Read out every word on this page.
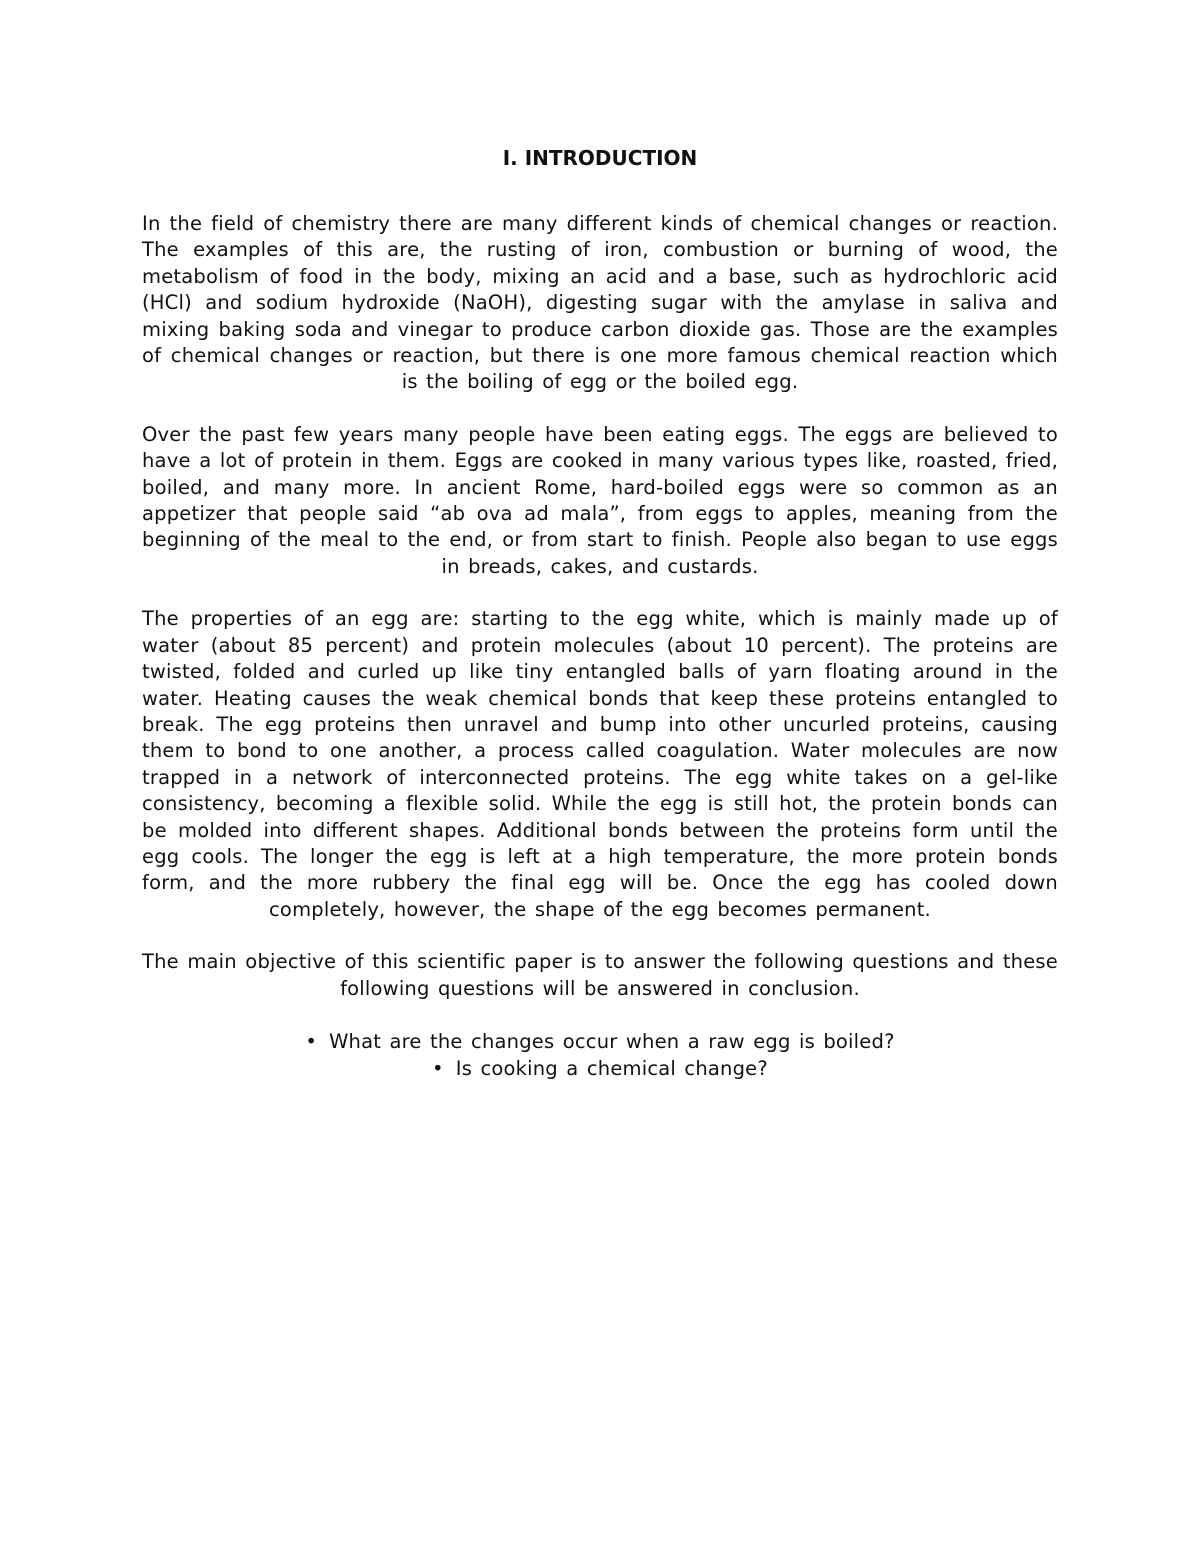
I. INTRODUCTION

In the field of chemistry there are many different kinds of chemical changes or reaction. The examples of this are, the rusting of iron, combustion or burning of wood, the metabolism of food in the body, mixing an acid and a base, such as hydrochloric acid (HCl) and sodium hydroxide (NaOH), digesting sugar with the amylase in saliva and mixing baking soda and vinegar to produce carbon dioxide gas. Those are the examples of chemical changes or reaction, but there is one more famous chemical reaction which is the boiling of egg or the boiled egg.

Over the past few years many people have been eating eggs. The eggs are believed to have a lot of protein in them. Eggs are cooked in many various types like, roasted, fried, boiled, and many more. In ancient Rome, hard-boiled eggs were so common as an appetizer that people said “ab ova ad mala”, from eggs to apples, meaning from the beginning of the meal to the end, or from start to finish. People also began to use eggs in breads, cakes, and custards.

The properties of an egg are: starting to the egg white, which is mainly made up of water (about 85 percent) and protein molecules (about 10 percent). The proteins are twisted, folded and curled up like tiny entangled balls of yarn floating around in the water. Heating causes the weak chemical bonds that keep these proteins entangled to break. The egg proteins then unravel and bump into other uncurled proteins, causing them to bond to one another, a process called coagulation. Water molecules are now trapped in a network of interconnected proteins. The egg white takes on a gel-like consistency, becoming a flexible solid. While the egg is still hot, the protein bonds can be molded into different shapes. Additional bonds between the proteins form until the egg cools. The longer the egg is left at a high temperature, the more protein bonds form, and the more rubbery the final egg will be. Once the egg has cooled down completely, however, the shape of the egg becomes permanent.

The main objective of this scientific paper is to answer the following questions and these following questions will be answered in conclusion.

• What are the changes occur when a raw egg is boiled?
• Is cooking a chemical change?
